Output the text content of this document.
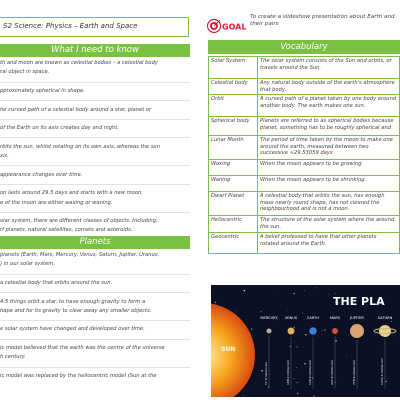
S2 Science: Physics – Earth and Space
What I need to know
th and moon are known as celestial bodies – a celestial body
ral object in space.
pproximately spherical in shape.
he curved path of a celestial body around a star, planet or
of the Earth on its axis creates day and night.
rbits the sun, whilst rotating on its own axis, whereas the sun
xis.
appearance changes over time.
on lasts around 29.5 days and starts with a new moon.
e of the moon are either waxing or waning.
olar system, there are different classes of objects. Including:
rf planets, natural satellites, comets and asteroids.
Planets
planets (Earth, Mars, Mercury, Venus, Saturn, Jupiter, Uranus,
) in our solar system.
a celestial body that orbits around the sun.
4.5 things orbit a star, to have enough gravity to form a
hape and for its gravity to clear away any smaller objects.
e solar system have changed and developed over time.
ic model believed that the earth was the centre of the universe
h century.
ic model was replaced by the heliocentric model (Sun at the
GOAL
To create a slideshow presentation about Earth and
their pairs
Vocabulary
Solar System	The solar system consists of the Sun and orbits, or travels around the Sun.
Celestial body	Any natural body outside of the earth's atmosphere that body.
Orbit	A curved path of a planet taken by one body around another body. The earth makes one sun.
Spherical body	Planets are referred to as spherical bodies because planet, something has to be roughly spherical and
Lunar Month	The period of time taken by the moon to make one around the earth, measured between two successive ≈29.53059 days
Waxing	When the moon appears to be growing.
Waning	When the moon appears to be shrinking.
Dwarf Planet	A celestial body that orbits the sun, has enough mass nearly round shape, has not cleared the neighbourhood and is not a moon.
Heliocentric	The structure of the solar system where the around the sun.
Geocentric	A belief professed to have that other planets rotated around the Earth.
SUN
THE PLA
MERCURY
57.9 million km
VENUS
108.2 million km
EARTH
149.6 million km
MARS
227.9 million km
JUPITER
778.6 million km
SATURN
1433.5 million km
